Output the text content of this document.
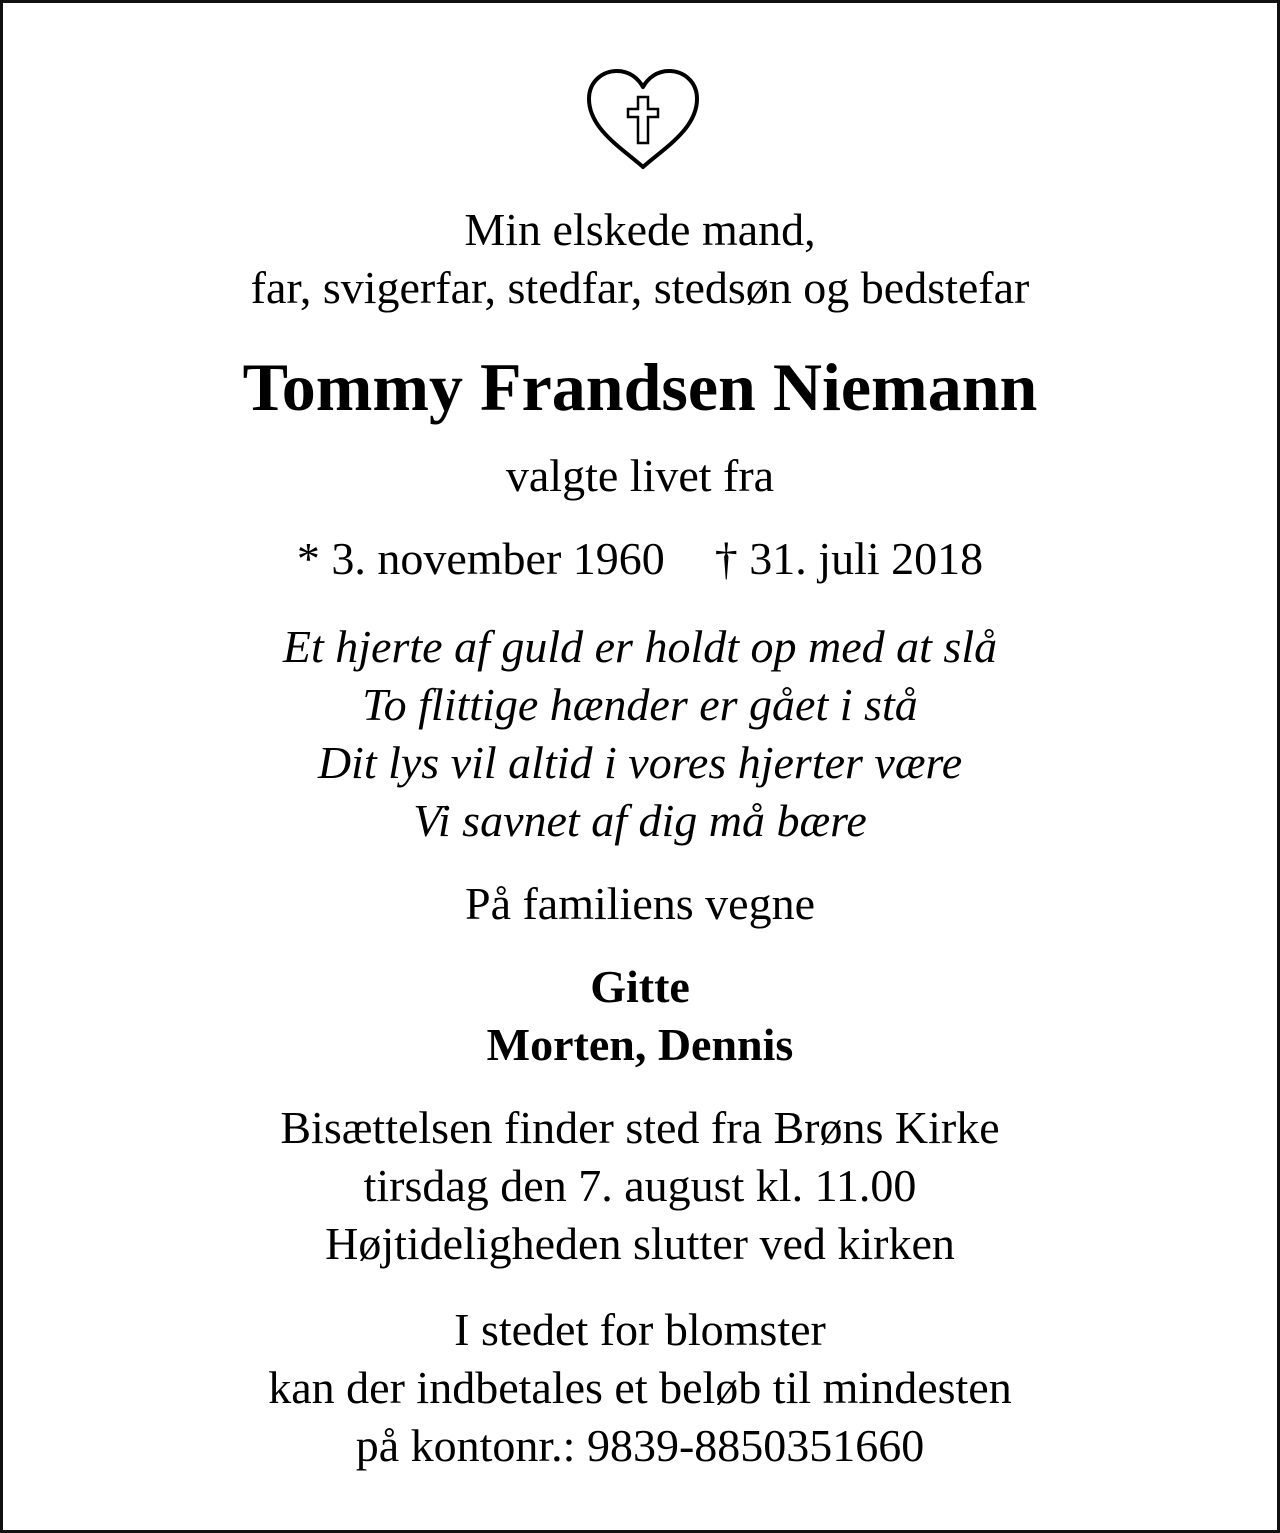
Min elskede mand,
far, svigerfar, stedfar, stedsøn og bedstefar
Tommy Frandsen Niemann
valgte livet fra
* 3. november 1960 † 31. juli 2018
Et hjerte af guld er holdt op med at slå
To flittige hænder er gået i stå
Dit lys vil altid i vores hjerter være
Vi savnet af dig må bære
På familiens vegne
Gitte
Morten, Dennis
Bisættelsen finder sted fra Brøns Kirke
tirsdag den 7. august kl. 11.00
Højtideligheden slutter ved kirken
I stedet for blomster
kan der indbetales et beløb til mindesten
på kontonr.: 9839-8850351660
